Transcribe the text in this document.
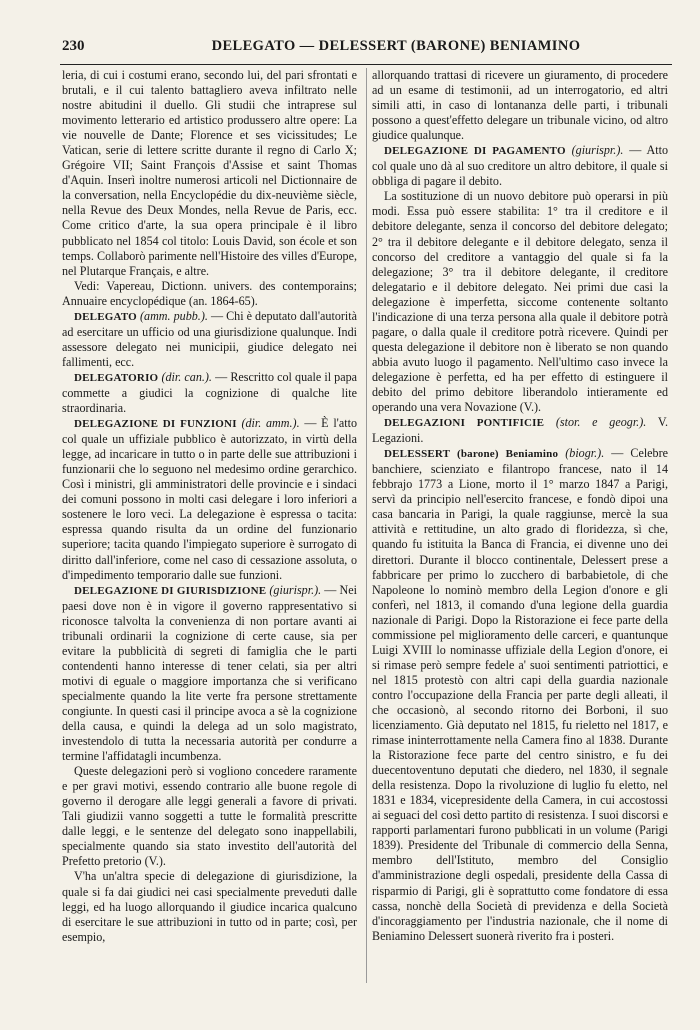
230	DELEGATO — DELESSERT (BARONE) BENIAMINO

leria, di cui i costumi erano, secondo lui, del pari sfrontati e brutali, e il cui talento battagliero aveva infiltrato nelle nostre abitudini il duello. Gli studii che intraprese sul movimento letterario ed artistico produssero altre opere: La vie nouvelle de Dante; Florence et ses vicissitudes; Le Vatican, serie di lettere scritte durante il regno di Carlo X; Grégoire VII; Saint François d'Assise et saint Thomas d'Aquin. Inserì inoltre numerosi articoli nel Dictionnaire de la conversation, nella Encyclopédie du dix-neuvième siècle, nella Revue des Deux Mondes, nella Revue de Paris, ecc. Come critico d'arte, la sua opera principale è il libro pubblicato nel 1854 col titolo: Louis David, son école et son temps. Collaborò parimente nell'Histoire des villes d'Europe, nel Plutarque Français, e altre.

Vedi: Vapereau, Dictionn. univers. des contemporains; Annuaire encyclopédique (an. 1864-65).

DELEGATO (amm. pubb.). — Chi è deputato dall'autorità ad esercitare un ufficio od una giurisdizione qualunque. Indi assessore delegato nei municipii, giudice delegato nei fallimenti, ecc.

DELEGATORIO (dir. can.). — Rescritto col quale il papa commette a giudici la cognizione di qualche lite straordinaria.

DELEGAZIONE DI FUNZIONI (dir. amm.). — È l'atto col quale un uffiziale pubblico è autorizzato, in virtù della legge, ad incaricare in tutto o in parte delle sue attribuzioni i funzionarii che lo seguono nel medesimo ordine gerarchico. Così i ministri, gli amministratori delle provincie e i sindaci dei comuni possono in molti casi delegare i loro inferiori a sostenere le loro veci. La delegazione è espressa o tacita: espressa quando risulta da un ordine del funzionario superiore; tacita quando l'impiegato superiore è surrogato di diritto dall'inferiore, come nel caso di cessazione assoluta, o d'impedimento temporario dalle sue funzioni.

DELEGAZIONE DI GIURISDIZIONE (giurispr.). — Nei paesi dove non è in vigore il governo rappresentativo si riconosce talvolta la convenienza di non portare avanti ai tribunali ordinarii la cognizione di certe cause, sia per evitare la pubblicità di segreti di famiglia che le parti contendenti hanno interesse di tener celati, sia per altri motivi di eguale o maggiore importanza che si verificano specialmente quando la lite verte fra persone strettamente congiunte. In questi casi il principe avoca a sè la cognizione della causa, e quindi la delega ad un solo magistrato, investendolo di tutta la necessaria autorità per condurre a termine l'affidatagli incumbenza.

Queste delegazioni però si vogliono concedere raramente e per gravi motivi, essendo contrario alle buone regole di governo il derogare alle leggi generali a favore di privati. Tali giudizii vanno soggetti a tutte le formalità prescritte dalle leggi, e le sentenze del delegato sono inappellabili, specialmente quando sia stato investito dell'autorità del Prefetto pretorio (V.).

V'ha un'altra specie di delegazione di giurisdizione, la quale si fa dai giudici nei casi specialmente preveduti dalle leggi, ed ha luogo allorquando il giudice incarica qualcuno di esercitare le sue attribuzioni in tutto od in parte; così, per esempio,

allorquando trattasi di ricevere un giuramento, di procedere ad un esame di testimonii, ad un interrogatorio, ed altri simili atti, in caso di lontananza delle parti, i tribunali possono a quest'effetto delegare un tribunale vicino, od altro giudice qualunque.

DELEGAZIONE DI PAGAMENTO (giurispr.). — Atto col quale uno dà al suo creditore un altro debitore, il quale si obbliga di pagare il debito.

La sostituzione di un nuovo debitore può operarsi in più modi. Essa può essere stabilita: 1° tra il creditore e il debitore delegante, senza il concorso del debitore delegato; 2° tra il debitore delegante e il debitore delegato, senza il concorso del creditore a vantaggio del quale si fa la delegazione; 3° tra il debitore delegante, il creditore delegatario e il debitore delegato. Nei primi due casi la delegazione è imperfetta, siccome contenente soltanto l'indicazione di una terza persona alla quale il debitore potrà pagare, o dalla quale il creditore potrà ricevere. Quindi per questa delegazione il debitore non è liberato se non quando abbia avuto luogo il pagamento. Nell'ultimo caso invece la delegazione è perfetta, ed ha per effetto di estinguere il debito del primo debitore liberandolo intieramente ed operando una vera Novazione (V.).

DELEGAZIONI PONTIFICIE (stor. e geogr.). V. Legazioni.

DELESSERT (barone) Beniamino (biogr.). — Celebre banchiere, scienziato e filantropo francese, nato il 14 febbrajo 1773 a Lione, morto il 1° marzo 1847 a Parigi, servì da principio nell'esercito francese, e fondò dipoi una casa bancaria in Parigi, la quale raggiunse, mercè la sua attività e rettitudine, un alto grado di floridezza, sì che, quando fu istituita la Banca di Francia, ei divenne uno dei direttori. Durante il blocco continentale, Delessert prese a fabbricare per primo lo zucchero di barbabietole, di che Napoleone lo nominò membro della Legion d'onore e gli conferì, nel 1813, il comando d'una legione della guardia nazionale di Parigi. Dopo la Ristorazione ei fece parte della commissione pel miglioramento delle carceri, e quantunque Luigi XVIII lo nominasse uffiziale della Legion d'onore, ei si rimase però sempre fedele a' suoi sentimenti patriottici, e nel 1815 protestò con altri capi della guardia nazionale contro l'occupazione della Francia per parte degli alleati, il che occasionò, al secondo ritorno dei Borboni, il suo licenziamento. Già deputato nel 1815, fu rieletto nel 1817, e rimase ininterrottamente nella Camera fino al 1838. Durante la Ristorazione fece parte del centro sinistro, e fu dei duecentoventuno deputati che diedero, nel 1830, il segnale della resistenza. Dopo la rivoluzione di luglio fu eletto, nel 1831 e 1834, vicepresidente della Camera, in cui accostossi ai seguaci del così detto partito di resistenza. I suoi discorsi e rapporti parlamentari furono pubblicati in un volume (Parigi 1839). Presidente del Tribunale di commercio della Senna, membro dell'Istituto, membro del Consiglio d'amministrazione degli ospedali, presidente della Cassa di risparmio di Parigi, gli è soprattutto come fondatore di essa cassa, nonchè della Società di previdenza e della Società d'incoraggiamento per l'industria nazionale, che il nome di Beniamino Delessert suonerà riverito fra i posteri.
